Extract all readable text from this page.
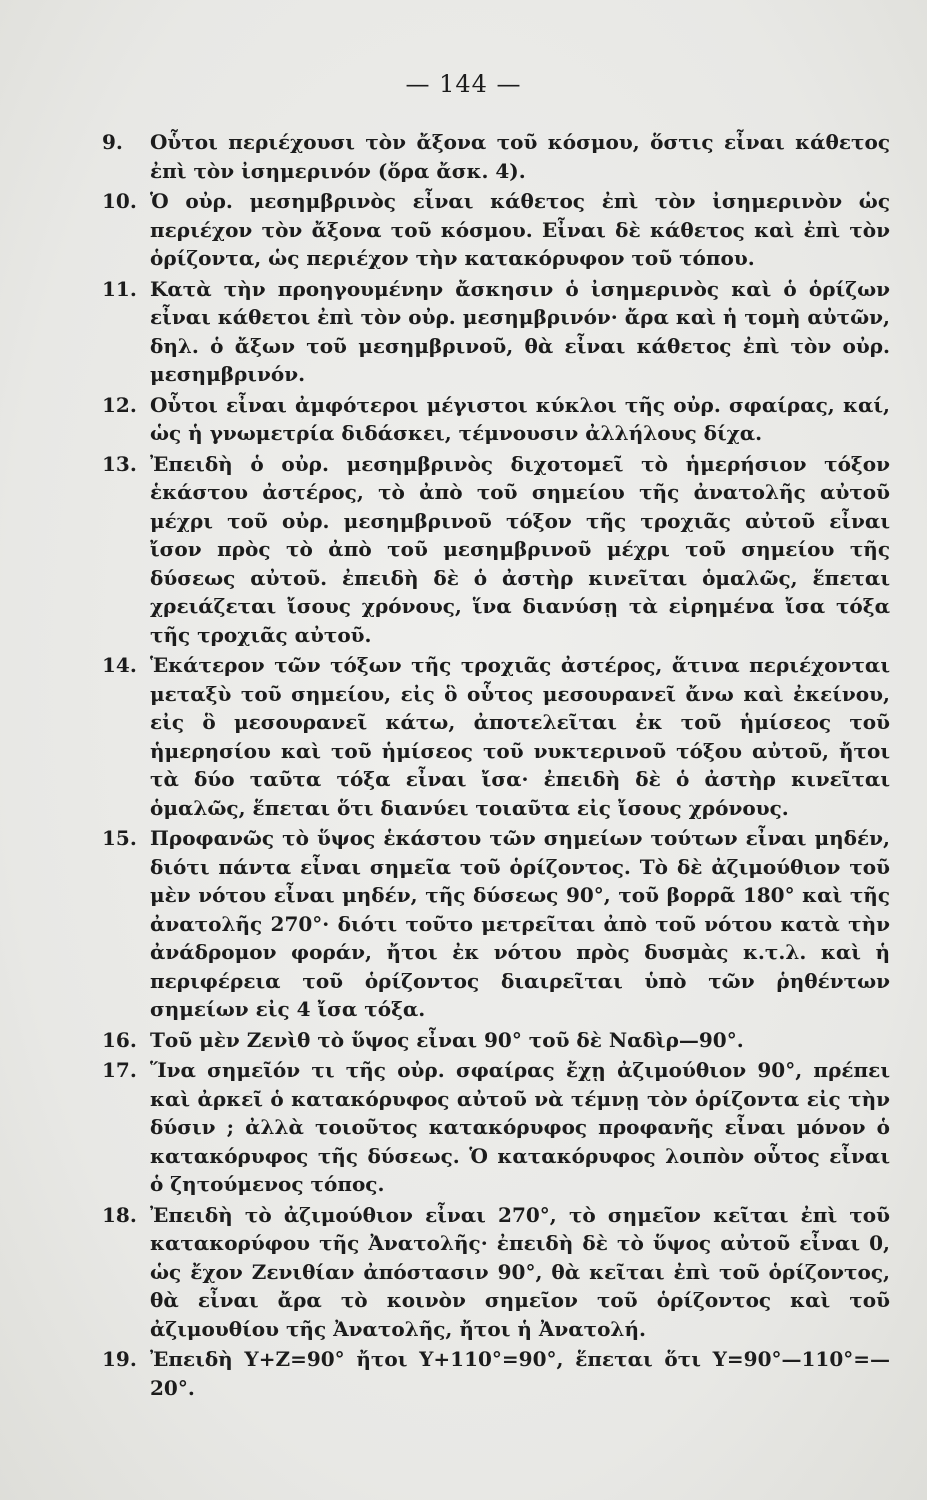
— 144 —
9.	Οὗτοι περιέχουσι τὸν ἄξονα τοῦ κόσμου, ὅστις εἶναι κάθετος ἐπὶ τὸν ἰσημερινόν (ὅρα ἄσκ. 4).

10. Ὁ οὐρ. μεσημβρινὸς εἶναι κάθετος ἐπὶ τὸν ἰσημερινὸν ὡς περιέχον τὸν ἄξονα τοῦ κόσμου. Εἶναι δὲ κάθετος καὶ ἐπὶ τὸν ὁρίζοντα, ὡς περιέχον τὴν κατακόρυφον τοῦ τόπου.

11. Κατὰ τὴν προηγουμένην ἄσκησιν ὁ ἰσημερινὸς καὶ ὁ ὁρίζων εἶναι κάθετοι ἐπὶ τὸν οὐρ. μεσημβρινόν· ἄρα καὶ ἡ τομὴ αὐτῶν, δηλ. ὁ ἄξων τοῦ μεσημβρινοῦ, θὰ εἶναι κάθετος ἐπὶ τὸν οὐρ. μεσημβρινόν.

12. Οὗτοι εἶναι ἀμφότεροι μέγιστοι κύκλοι τῆς οὐρ. σφαίρας, καί, ὡς ἡ γνωμετρία διδάσκει, τέμνουσιν ἀλλήλους δίχα.

13. Ἐπειδὴ ὁ οὐρ. μεσημβρινὸς διχοτομεῖ τὸ ἡμερήσιον τόξον ἑκάστου ἀστέρος, τὸ ἀπὸ τοῦ σημείου τῆς ἀνατολῆς αὐτοῦ μέχρι τοῦ οὐρ. μεσημβρινοῦ τόξον τῆς τροχιᾶς αὐτοῦ εἶναι ἴσον πρὸς τὸ ἀπὸ τοῦ μεσημβρινοῦ μέχρι τοῦ σημείου τῆς δύσεως αὐτοῦ. ἐπειδὴ δὲ ὁ ἀστὴρ κινεῖται ὁμαλῶς, ἕπεται χρειάζεται ἴσους χρόνους, ἵνα διανύσῃ τὰ εἰρημένα ἴσα τόξα τῆς τροχιᾶς αὐτοῦ.

14. Ἑκάτερον τῶν τόξων τῆς τροχιᾶς ἀστέρος, ἅτινα περιέχονται μεταξὺ τοῦ σημείου, εἰς ὃ οὗτος μεσουρανεῖ ἄνω καὶ ἐκείνου, εἰς ὃ μεσουρανεῖ κάτω, ἀποτελεῖται ἐκ τοῦ ἡμίσεος τοῦ ἡμερησίου καὶ τοῦ ἡμίσεος τοῦ νυκτερινοῦ τόξου αὐτοῦ, ἤτοι τὰ δύο ταῦτα τόξα εἶναι ἴσα· ἐπειδὴ δὲ ὁ ἀστὴρ κινεῖται ὁμαλῶς, ἕπεται ὅτι διανύει τοιαῦτα εἰς ἴσους χρόνους.

15. Προφανῶς τὸ ὕψος ἑκάστου τῶν σημείων τούτων εἶναι μηδέν, διότι πάντα εἶναι σημεῖα τοῦ ὁρίζοντος. Τὸ δὲ ἀζιμούθιον τοῦ μὲν νότου εἶναι μηδέν, τῆς δύσεως 90°, τοῦ βορρᾶ 180° καὶ τῆς ἀνατολῆς 270°· διότι τοῦτο μετρεῖται ἀπὸ τοῦ νότου κατὰ τὴν ἀνάδρομον φοράν, ἤτοι ἐκ νότου πρὸς δυσμὰς κ.τ.λ. καὶ ἡ περιφέρεια τοῦ ὁρίζοντος διαιρεῖται ὑπὸ τῶν ῥηθέντων σημείων εἰς 4 ἴσα τόξα.

16. Τοῦ μὲν Ζενὶθ τὸ ὕψος εἶναι 90° τοῦ δὲ Ναδὶρ—90°.

17. Ἵνα σημεῖόν τι τῆς οὐρ. σφαίρας ἔχῃ ἀζιμούθιον 90°, πρέπει καὶ ἀρκεῖ ὁ κατακόρυφος αὐτοῦ νὰ τέμνῃ τὸν ὁρίζοντα εἰς τὴν δύσιν ; ἀλλὰ τοιοῦτος κατακόρυφος προφανῆς εἶναι μόνον ὁ κατακόρυφος τῆς δύσεως. Ὁ κατακόρυφος λοιπὸν οὗτος εἶναι ὁ ζητούμενος τόπος.

18. Ἐπειδὴ τὸ ἀζιμούθιον εἶναι 270°, τὸ σημεῖον κεῖται ἐπὶ τοῦ κατακορύφου τῆς Ἀνατολῆς· ἐπειδὴ δὲ τὸ ὕψος αὐτοῦ εἶναι 0, ὡς ἔχον Ζενιθίαν ἀπόστασιν 90°, θὰ κεῖται ἐπὶ τοῦ ὁρίζοντος, θὰ εἶναι ἄρα τὸ κοινὸν σημεῖον τοῦ ὁρίζοντος καὶ τοῦ ἀζιμουθίου τῆς Ἀνατολῆς, ἤτοι ἡ Ἀνατολή.

19. Ἐπειδὴ Υ+Ζ=90° ἤτοι Υ+110°=90°, ἕπεται ὅτι Υ=90°—110°=—20°.
